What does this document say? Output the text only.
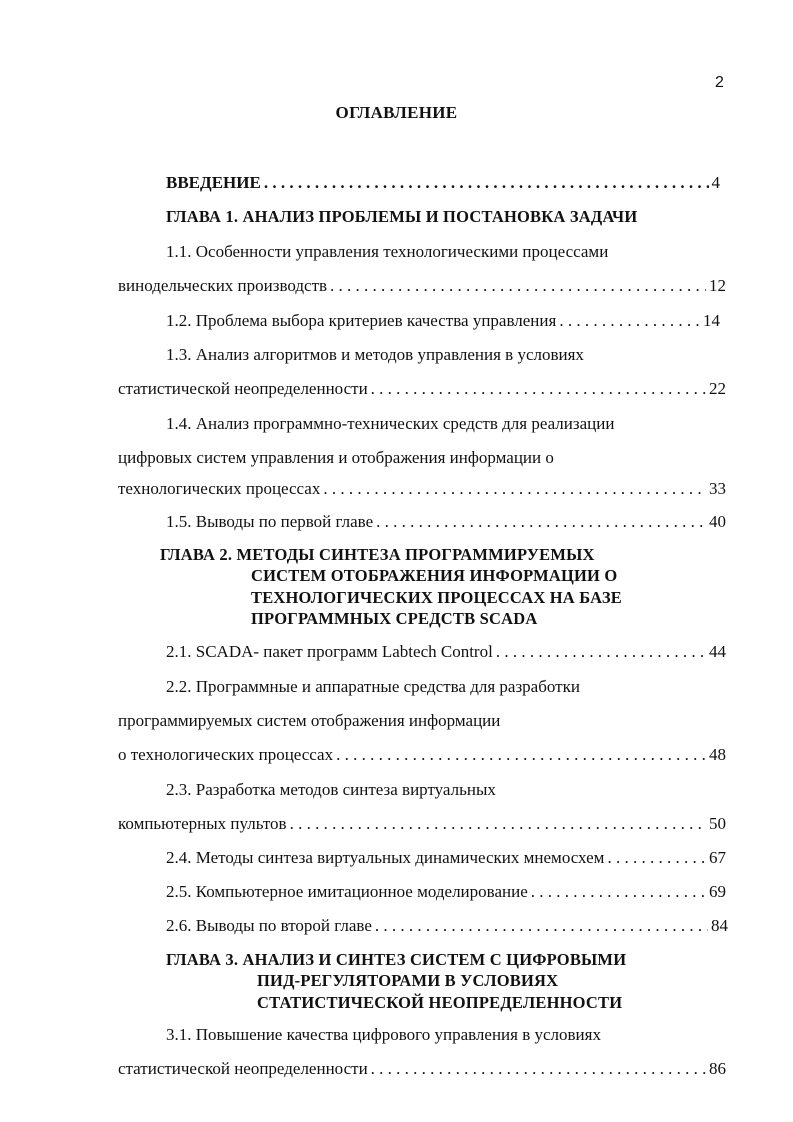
2
ОГЛАВЛЕНИЕ
ВВЕДЕНИЕ . . .	4
ГЛАВА 1. АНАЛИЗ ПРОБЛЕМЫ И ПОСТАНОВКА ЗАДАЧИ
1.1. Особенности управления технологическими процессами
винодельческих производств . . .	12
1.2. Проблема выбора критериев качества управления . . .	14
1.3. Анализ алгоритмов и методов управления в условиях
статистической неопределенности . . .	22
1.4. Анализ программно-технических средств для реализации
цифровых систем управления и отображения информации о
технологических процессах . . .	33
1.5. Выводы по первой главе . . .	40
ГЛАВА 2. МЕТОДЫ СИНТЕЗА ПРОГРАММИРУЕМЫХ
СИСТЕМ ОТОБРАЖЕНИЯ ИНФОРМАЦИИ О
ТЕХНОЛОГИЧЕСКИХ ПРОЦЕССАХ НА БАЗЕ
ПРОГРАММНЫХ СРЕДСТВ SCADA
2.1. SCADA- пакет программ Labtech Control . . .	44
2.2. Программные и аппаратные средства для разработки
программируемых систем отображения информации
о технологических процессах . . .	48
2.3. Разработка методов синтеза виртуальных
компьютерных пультов . . .	50
2.4. Методы синтеза виртуальных динамических мнемосхем . . .	67
2.5. Компьютерное имитационное моделирование . . .	69
2.6. Выводы по второй главе . . .	84
ГЛАВА 3. АНАЛИЗ И СИНТЕЗ СИСТЕМ С ЦИФРОВЫМИ
ПИД-РЕГУЛЯТОРАМИ В УСЛОВИЯХ
СТАТИСТИЧЕСКОЙ НЕОПРЕДЕЛЕННОСТИ
3.1. Повышение качества цифрового управления в условиях
статистической неопределенности . . .	86
